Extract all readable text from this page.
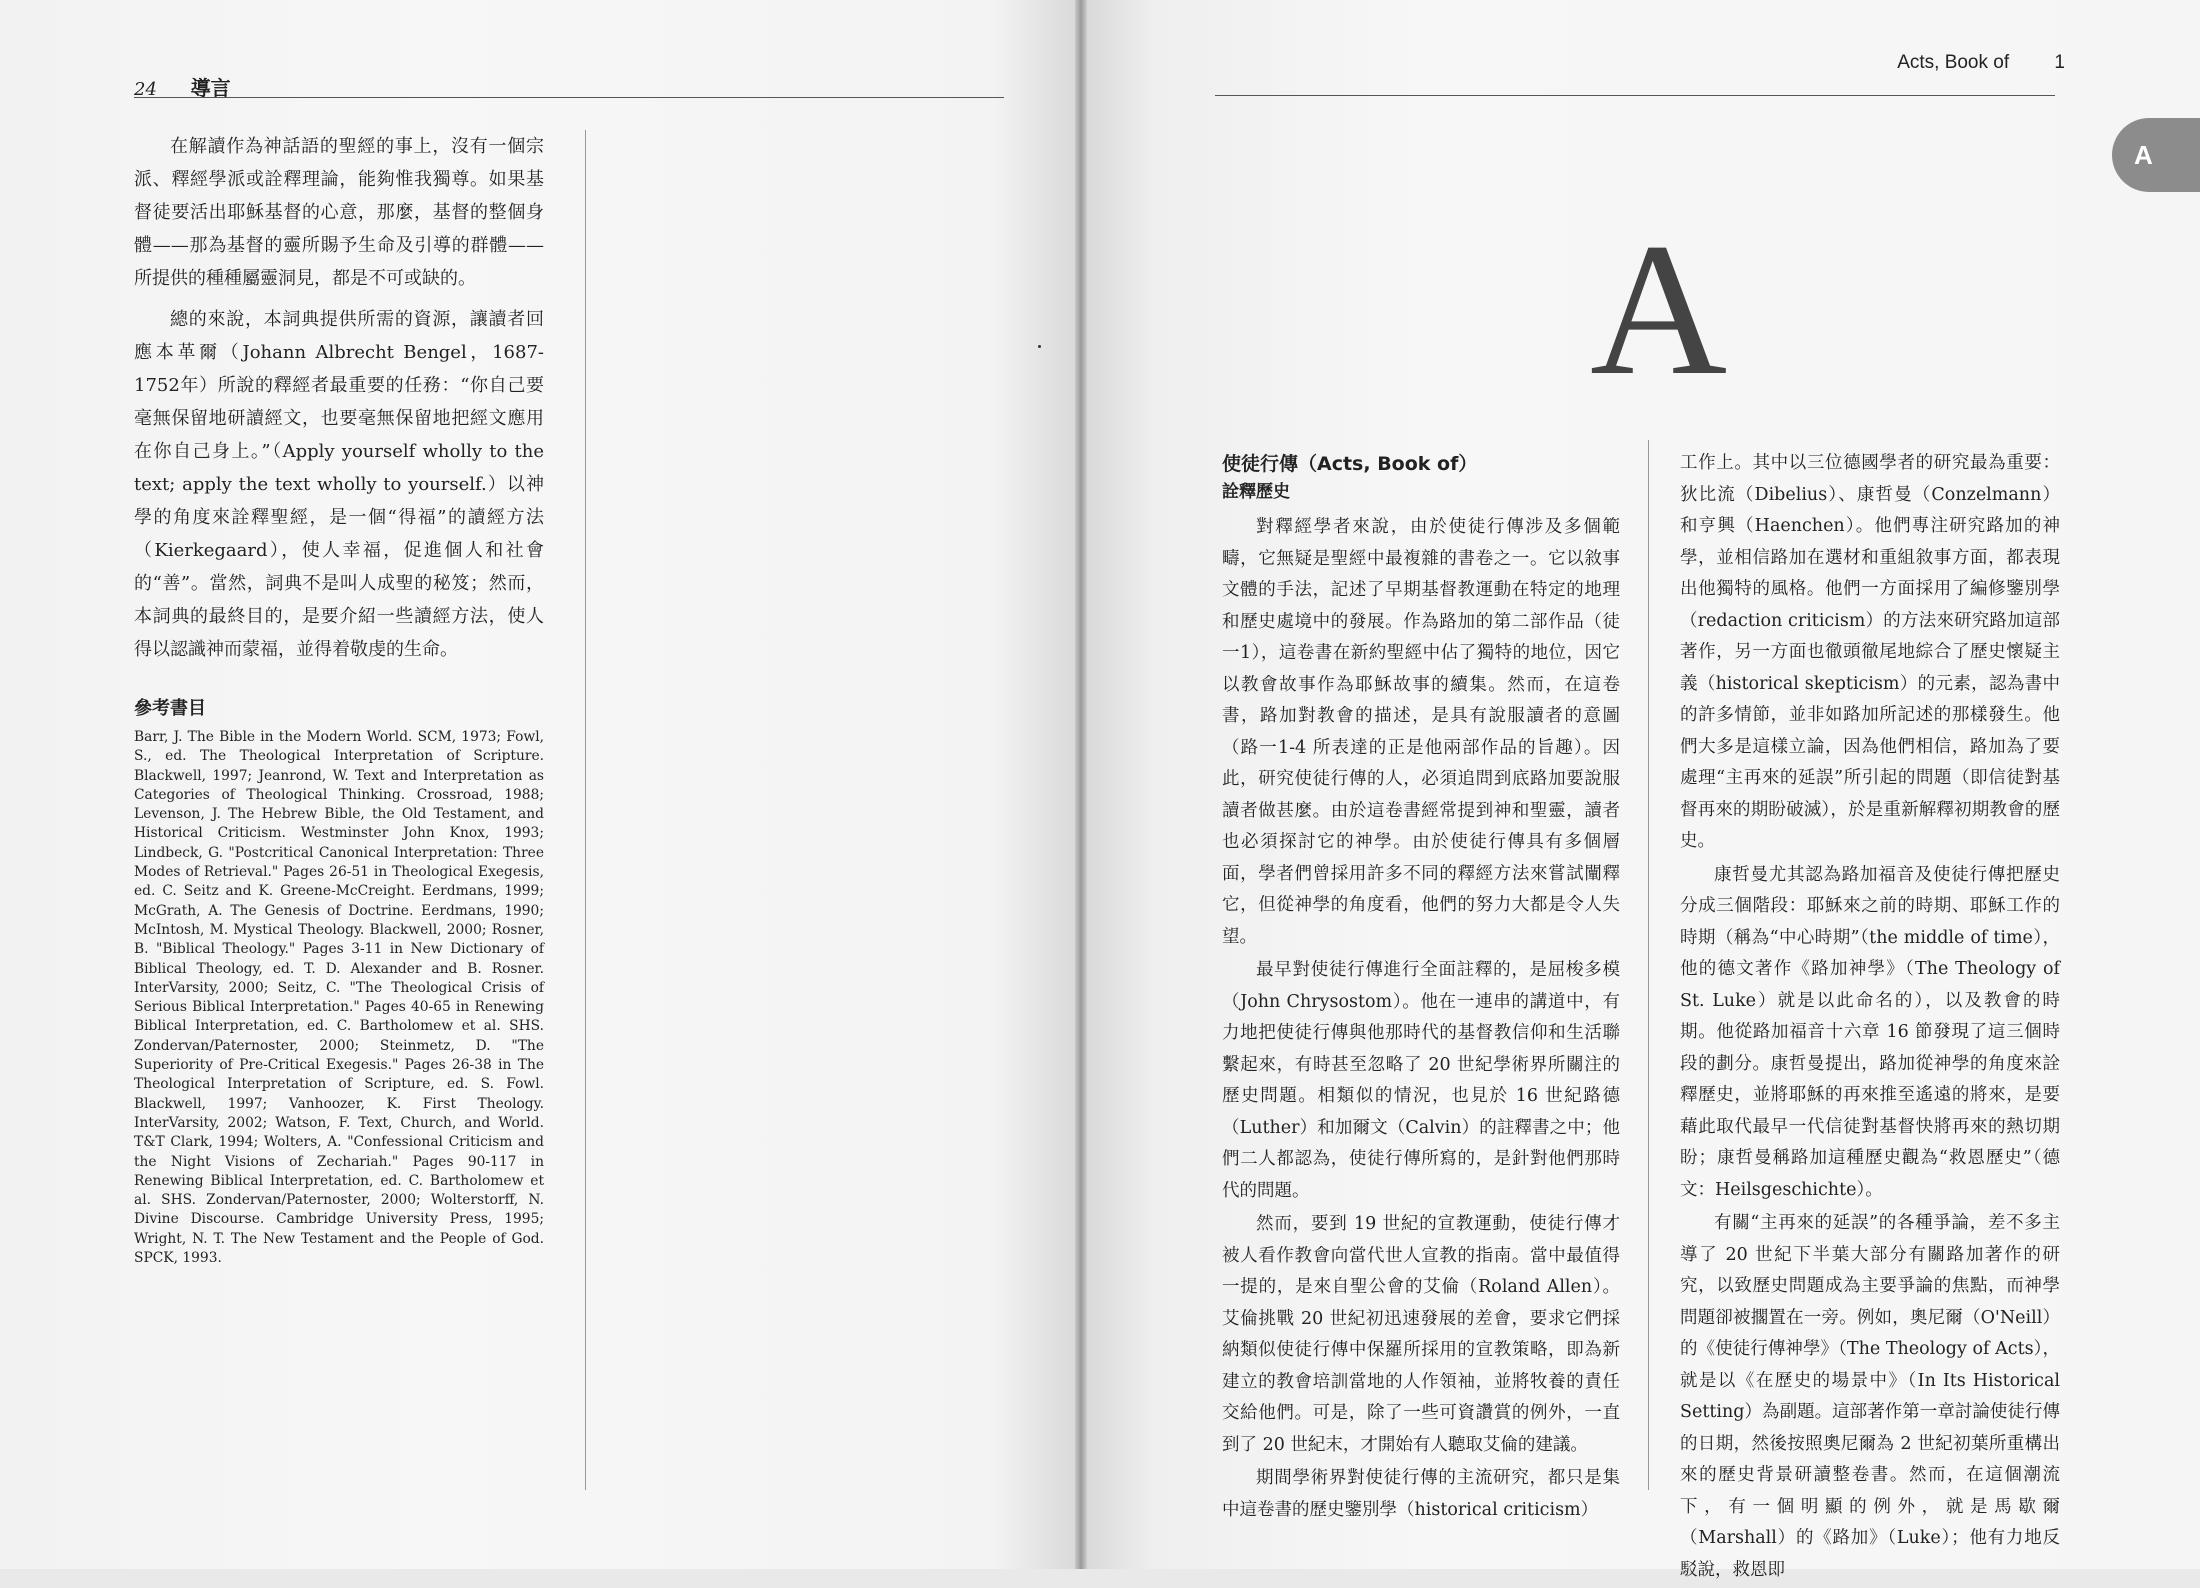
24 導言

在解讀作為神話語的聖經的事上，沒有一個宗派、釋經學派或詮釋理論，能夠惟我獨尊。如果基督徒要活出耶穌基督的心意，那麼，基督的整個身體——那為基督的靈所賜予生命及引導的群體——所提供的種種屬靈洞見，都是不可或缺的。

總的來說，本詞典提供所需的資源，讓讀者回應本革爾（Johann Albrecht Bengel，1687-1752年）所說的釋經者最重要的任務：“你自己要毫無保留地研讀經文，也要毫無保留地把經文應用在你自己身上。”（Apply yourself wholly to the text; apply the text wholly to yourself.）以神學的角度來詮釋聖經，是一個“得福”的讀經方法（Kierkegaard），使人幸福，促進個人和社會的“善”。當然，詞典不是叫人成聖的秘笈；然而，本詞典的最終目的，是要介紹一些讀經方法，使人得以認識神而蒙福，並得着敬虔的生命。

參考書目
Barr, J. The Bible in the Modern World. SCM, 1973; Fowl, S., ed. The Theological Interpretation of Scripture. Blackwell, 1997; Jeanrond, W. Text and Interpretation as Categories of Theological Thinking. Crossroad, 1988; Levenson, J. The Hebrew Bible, the Old Testament, and Historical Criticism. Westminster John Knox, 1993; Lindbeck, G. "Postcritical Canonical Interpretation: Three Modes of Retrieval." Pages 26-51 in Theological Exegesis, ed. C. Seitz and K. Greene-McCreight. Eerdmans, 1999; McGrath, A. The Genesis of Doctrine. Eerdmans, 1990; McIntosh, M. Mystical Theology. Blackwell, 2000; Rosner, B. "Biblical Theology." Pages 3-11 in New Dictionary of Biblical Theology, ed. T. D. Alexander and B. Rosner. InterVarsity, 2000; Seitz, C. "The Theological Crisis of Serious Biblical Interpretation." Pages 40-65 in Renewing Biblical Interpretation, ed. C. Bartholomew et al. SHS. Zondervan/Paternoster, 2000; Steinmetz, D. "The Superiority of Pre-Critical Exegesis." Pages 26-38 in The Theological Interpretation of Scripture, ed. S. Fowl. Blackwell, 1997; Vanhoozer, K. First Theology. InterVarsity, 2002; Watson, F. Text, Church, and World. T&T Clark, 1994; Wolters, A. "Confessional Criticism and the Night Visions of Zechariah." Pages 90-117 in Renewing Biblical Interpretation, ed. C. Bartholomew et al. SHS. Zondervan/Paternoster, 2000; Wolterstorff, N. Divine Discourse. Cambridge University Press, 1995; Wright, N. T. The New Testament and the People of God. SPCK, 1993.
Acts, Book of 1
A
A
使徒行傳（Acts, Book of）
詮釋歷史

對釋經學者來說，由於使徒行傳涉及多個範疇，它無疑是聖經中最複雜的書卷之一。它以敘事文體的手法，記述了早期基督教運動在特定的地理和歷史處境中的發展。作為路加的第二部作品（徒一1），這卷書在新約聖經中佔了獨特的地位，因它以教會故事作為耶穌故事的續集。然而，在這卷書，路加對教會的描述，是具有說服讀者的意圖（路一1-4 所表達的正是他兩部作品的旨趣）。因此，研究使徒行傳的人，必須追問到底路加要說服讀者做甚麼。由於這卷書經常提到神和聖靈，讀者也必須探討它的神學。由於使徒行傳具有多個層面，學者們曾採用許多不同的釋經方法來嘗試闡釋它，但從神學的角度看，他們的努力大都是令人失望。

最早對使徒行傳進行全面註釋的，是屈梭多模（John Chrysostom）。他在一連串的講道中，有力地把使徒行傳與他那時代的基督教信仰和生活聯繫起來，有時甚至忽略了 20 世紀學術界所關注的歷史問題。相類似的情況，也見於 16 世紀路德（Luther）和加爾文（Calvin）的註釋書之中；他們二人都認為，使徒行傳所寫的，是針對他們那時代的問題。

然而，要到 19 世紀的宣教運動，使徒行傳才被人看作教會向當代世人宣教的指南。當中最值得一提的，是來自聖公會的艾倫（Roland Allen）。艾倫挑戰 20 世紀初迅速發展的差會，要求它們採納類似使徒行傳中保羅所採用的宣教策略，即為新建立的教會培訓當地的人作領袖，並將牧養的責任交給他們。可是，除了一些可資讚賞的例外，一直到了 20 世紀末，才開始有人聽取艾倫的建議。

期間學術界對使徒行傳的主流研究，都只是集中這卷書的歷史鑒別學（historical criticism）

工作上。其中以三位德國學者的研究最為重要：狄比流（Dibelius）、康哲曼（Conzelmann）和亨興（Haenchen）。他們專注研究路加的神學，並相信路加在選材和重組敘事方面，都表現出他獨特的風格。他們一方面採用了編修鑒別學（redaction criticism）的方法來研究路加這部著作，另一方面也徹頭徹尾地綜合了歷史懷疑主義（historical skepticism）的元素，認為書中的許多情節，並非如路加所記述的那樣發生。他們大多是這樣立論，因為他們相信，路加為了要處理“主再來的延誤”所引起的問題（即信徒對基督再來的期盼破滅），於是重新解釋初期教會的歷史。

康哲曼尤其認為路加福音及使徒行傳把歷史分成三個階段：耶穌來之前的時期、耶穌工作的時期（稱為“中心時期”（the middle of time），他的德文著作《路加神學》（The Theology of St. Luke）就是以此命名的），以及教會的時期。他從路加福音十六章 16 節發現了這三個時段的劃分。康哲曼提出，路加從神學的角度來詮釋歷史，並將耶穌的再來推至遙遠的將來，是要藉此取代最早一代信徒對基督快將再來的熱切期盼；康哲曼稱路加這種歷史觀為“救恩歷史”（德文：Heilsgeschichte）。

有關“主再來的延誤”的各種爭論，差不多主導了 20 世紀下半葉大部分有關路加著作的研究，以致歷史問題成為主要爭論的焦點，而神學問題卻被擱置在一旁。例如，奧尼爾（O'Neill）的《使徒行傳神學》（The Theology of Acts），就是以《在歷史的場景中》（In Its Historical Setting）為副題。這部著作第一章討論使徒行傳的日期，然後按照奧尼爾為 2 世紀初葉所重構出來的歷史背景研讀整卷書。然而，在這個潮流下，有一個明顯的例外，就是馬歇爾（Marshall）的《路加》（Luke）；他有力地反駁說，救恩即
